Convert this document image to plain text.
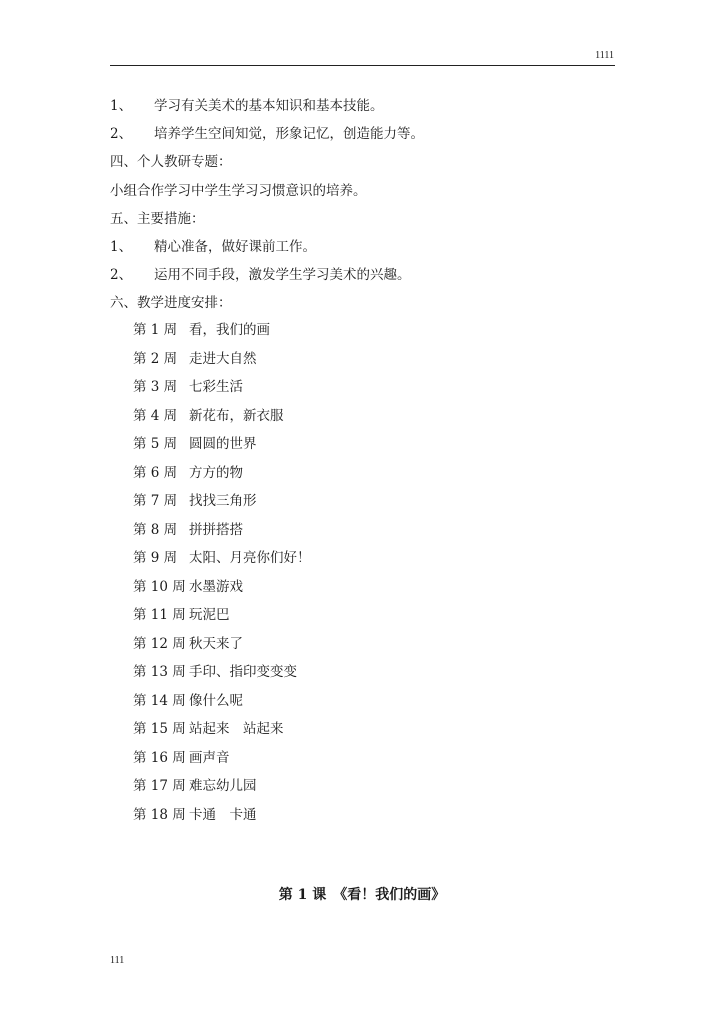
1111
1、 学习有关美术的基本知识和基本技能。
2、 培养学生空间知觉，形象记忆，创造能力等。
四、个人教研专题：
小组合作学习中学生学习习惯意识的培养。
五、主要措施：
1、 精心准备，做好课前工作。
2、 运用不同手段，激发学生学习美术的兴趣。
六、教学进度安排：
第 1 周 看，我们的画
第 2 周 走进大自然
第 3 周 七彩生活
第 4 周 新花布，新衣服
第 5 周 圆圆的世界
第 6 周 方方的物
第 7 周 找找三角形
第 8 周 拼拼搭搭
第 9 周 太阳、月亮你们好！
第 10 周 水墨游戏
第 11 周 玩泥巴
第 12 周 秋天来了
第 13 周 手印、指印变变变
第 14 周 像什么呢
第 15 周 站起来　站起来
第 16 周 画声音
第 17 周 难忘幼儿园
第 18 周 卡通　卡通
第 1 课　《看！我们的画》
111
